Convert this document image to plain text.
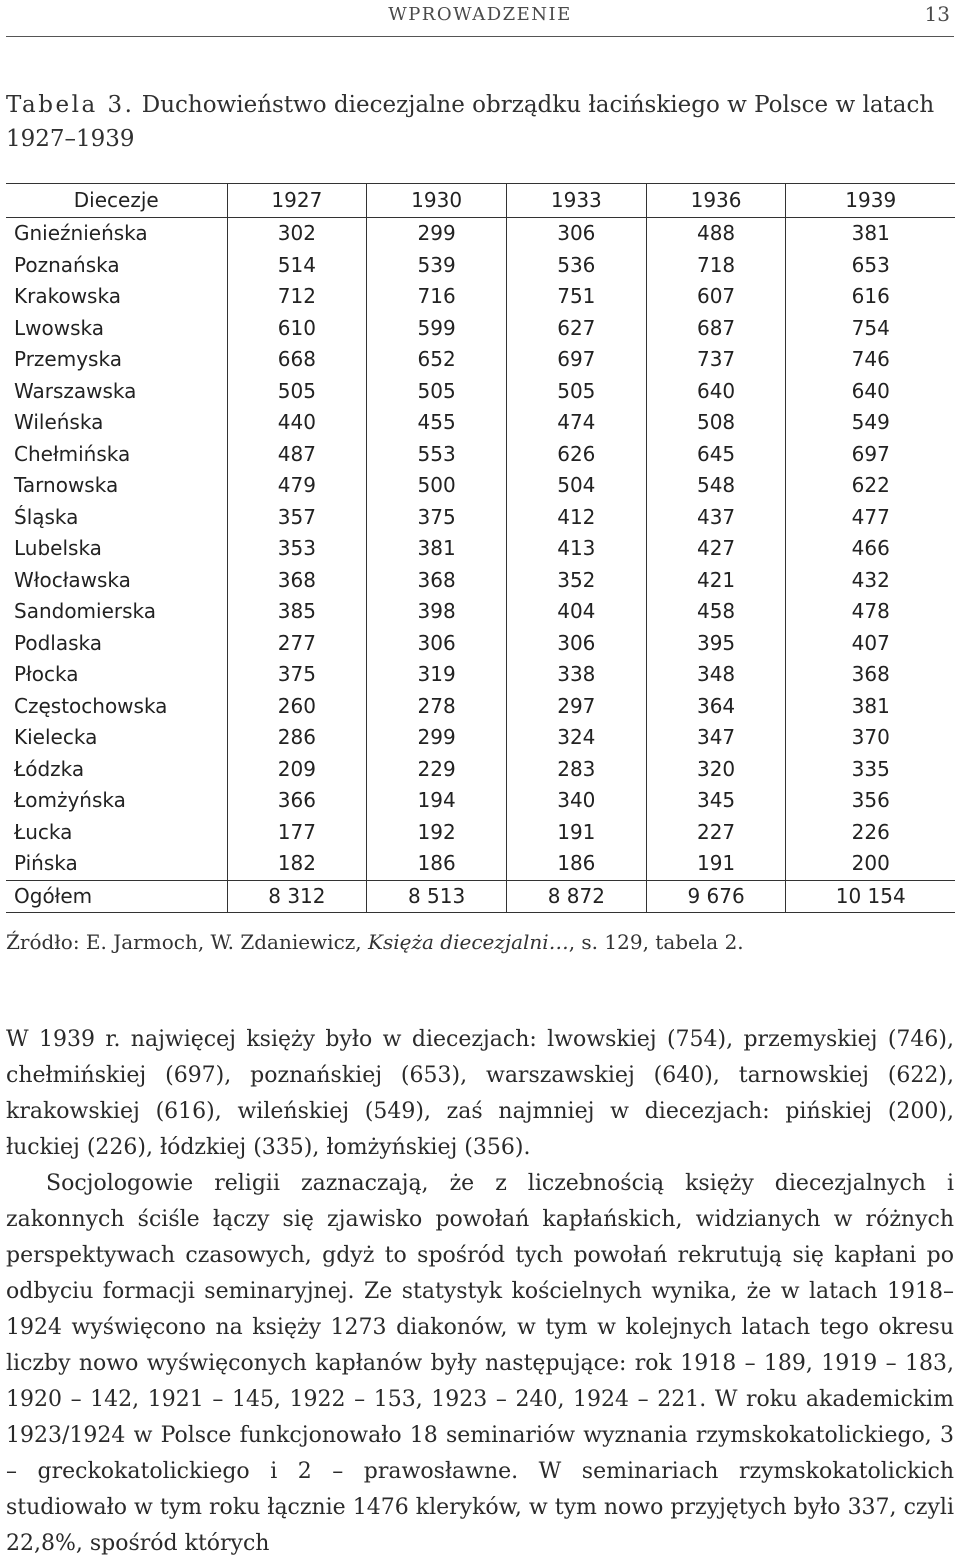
WPROWADZENIE	13
Tabela 3. Duchowieństwo diecezjalne obrządku łacińskiego w Polsce w latach 1927–1939
Diecezje	1927	1930	1933	1936	1939
Gnieźnieńska	302	299	306	488	381
Poznańska	514	539	536	718	653
Krakowska	712	716	751	607	616
Lwowska	610	599	627	687	754
Przemyska	668	652	697	737	746
Warszawska	505	505	505	640	640
Wileńska	440	455	474	508	549
Chełmińska	487	553	626	645	697
Tarnowska	479	500	504	548	622
Śląska	357	375	412	437	477
Lubelska	353	381	413	427	466
Włocławska	368	368	352	421	432
Sandomierska	385	398	404	458	478
Podlaska	277	306	306	395	407
Płocka	375	319	338	348	368
Częstochowska	260	278	297	364	381
Kielecka	286	299	324	347	370
Łódzka	209	229	283	320	335
Łomżyńska	366	194	340	345	356
Łucka	177	192	191	227	226
Pińska	182	186	186	191	200
Ogółem	8 312	8 513	8 872	9 676	10 154
Źródło: E. Jarmoch, W. Zdaniewicz, Księża diecezjalni…, s. 129, tabela 2.

W 1939 r. najwięcej księży było w diecezjach: lwowskiej (754), przemyskiej (746), chełmińskiej (697), poznańskiej (653), warszawskiej (640), tarnowskiej (622), krakowskiej (616), wileńskiej (549), zaś najmniej w diecezjach: pińskiej (200), łuckiej (226), łódzkiej (335), łomżyńskiej (356).

Socjologowie religii zaznaczają, że z liczebnością księży diecezjalnych i zakonnych ściśle łączy się zjawisko powołań kapłańskich, widzianych w różnych perspektywach czasowych, gdyż to spośród tych powołań rekrutują się kapłani po odbyciu formacji seminaryjnej. Ze statystyk kościelnych wynika, że w latach 1918–1924 wyświęcono na księży 1273 diakonów, w tym w kolejnych latach tego okresu liczby nowo wyświęconych kapłanów były następujące: rok 1918 – 189, 1919 – 183, 1920 – 142, 1921 – 145, 1922 – 153, 1923 – 240, 1924 – 221. W roku akademickim 1923/1924 w Polsce funkcjonowało 18 seminariów wyznania rzymskokatolickiego, 3 – greckokatolickiego i 2 – prawosławne. W seminariach rzymskokatolickich studiowało w tym roku łącznie 1476 kleryków, w tym nowo przyjętych było 337, czyli 22,8%, spośród których
